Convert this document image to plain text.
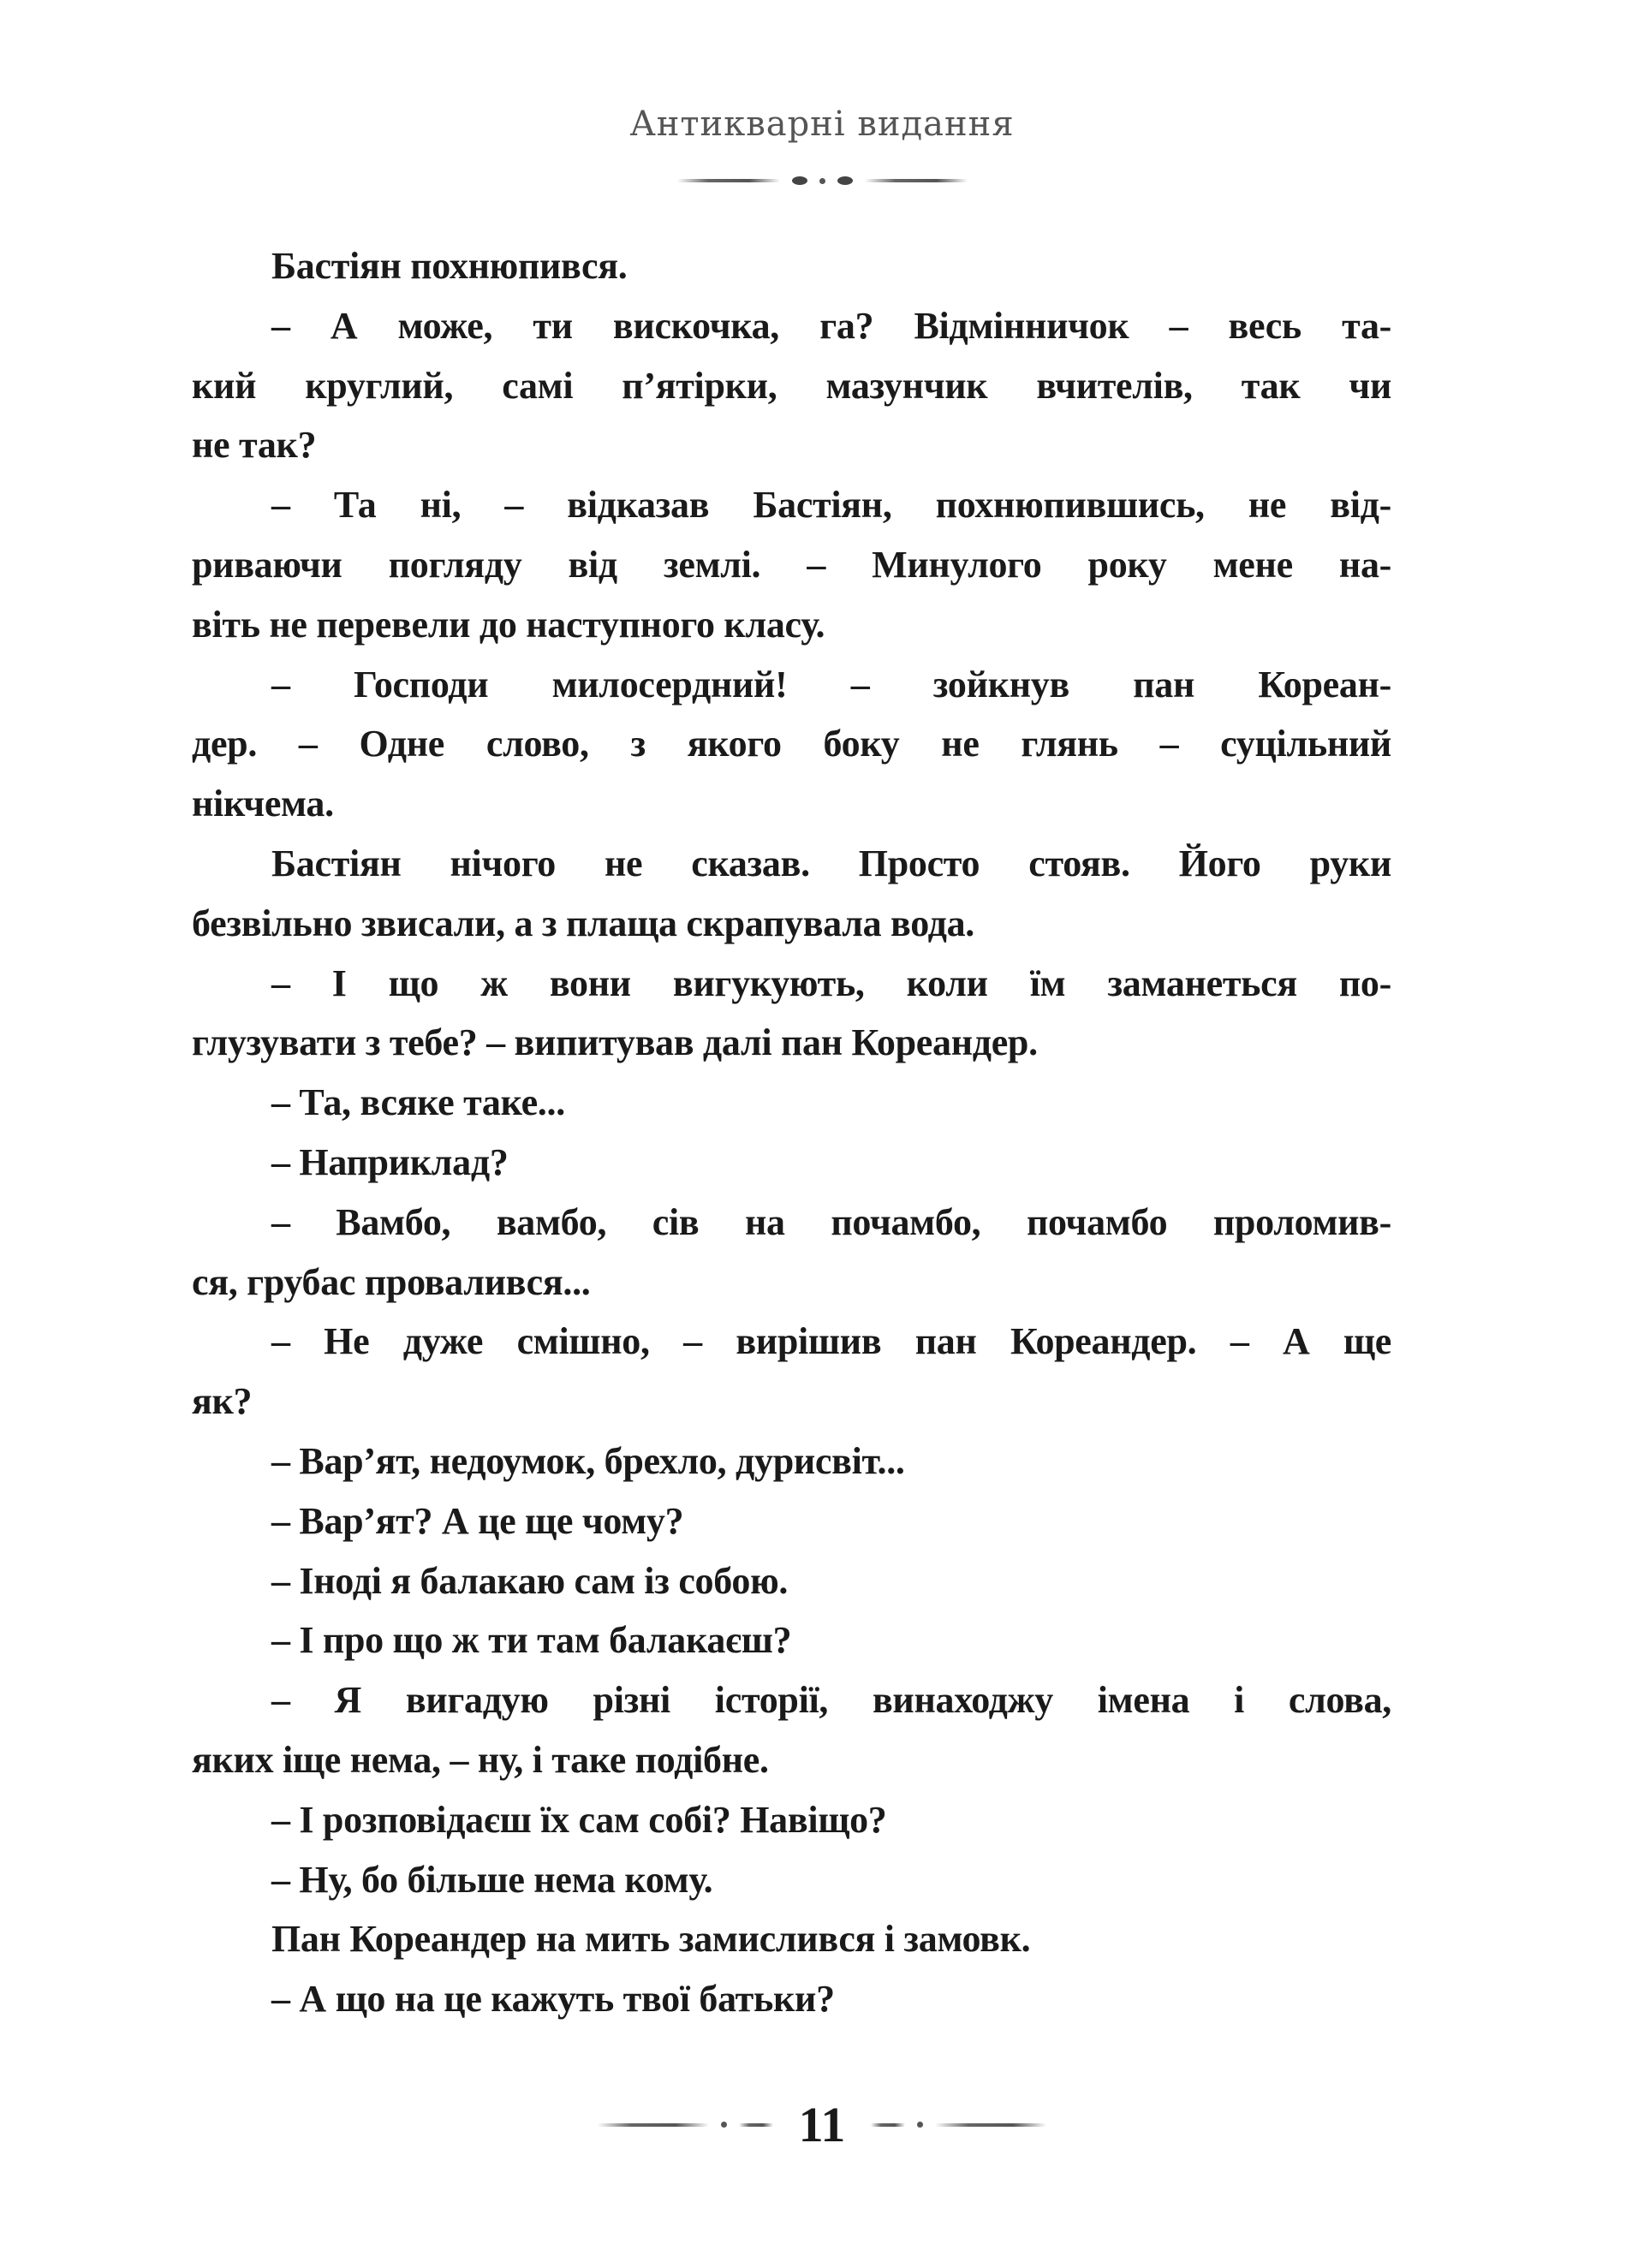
Антикварні видання
Бастіян похнюпився.
– А може, ти вискочка, га? Відмінничок – весь та-
кий круглий, самі п’ятірки, мазунчик вчителів, так чи
не так?
– Та ні, – відказав Бастіян, похнюпившись, не від-
риваючи погляду від землі. – Минулого року мене на-
віть не перевели до наступного класу.
– Господи милосердний! – зойкнув пан Кореан-
дер. – Одне слово, з якого боку не глянь – суцільний
нікчема.
Бастіян нічого не сказав. Просто стояв. Його руки
безвільно звисали, а з плаща скрапувала вода.
– І що ж вони вигукують, коли їм заманеться по-
глузувати з тебе? – випитував далі пан Кореандер.
– Та, всяке таке...
– Наприклад?
– Вамбо, вамбо, сів на почамбо, почамбо проломив-
ся, грубас провалився...
– Не дуже смішно, – вирішив пан Кореандер. – А ще
як?
– Вар’ят, недоумок, брехло, дурисвіт...
– Вар’ят? А це ще чому?
– Іноді я балакаю сам із собою.
– І про що ж ти там балакаєш?
– Я вигадую різні історії, винаходжу імена і слова,
яких іще нема, – ну, і таке подібне.
– І розповідаєш їх сам собі? Навіщо?
– Ну, бо більше нема кому.
Пан Кореандер на мить замислився і замовк.
– А що на це кажуть твої батьки?
11
